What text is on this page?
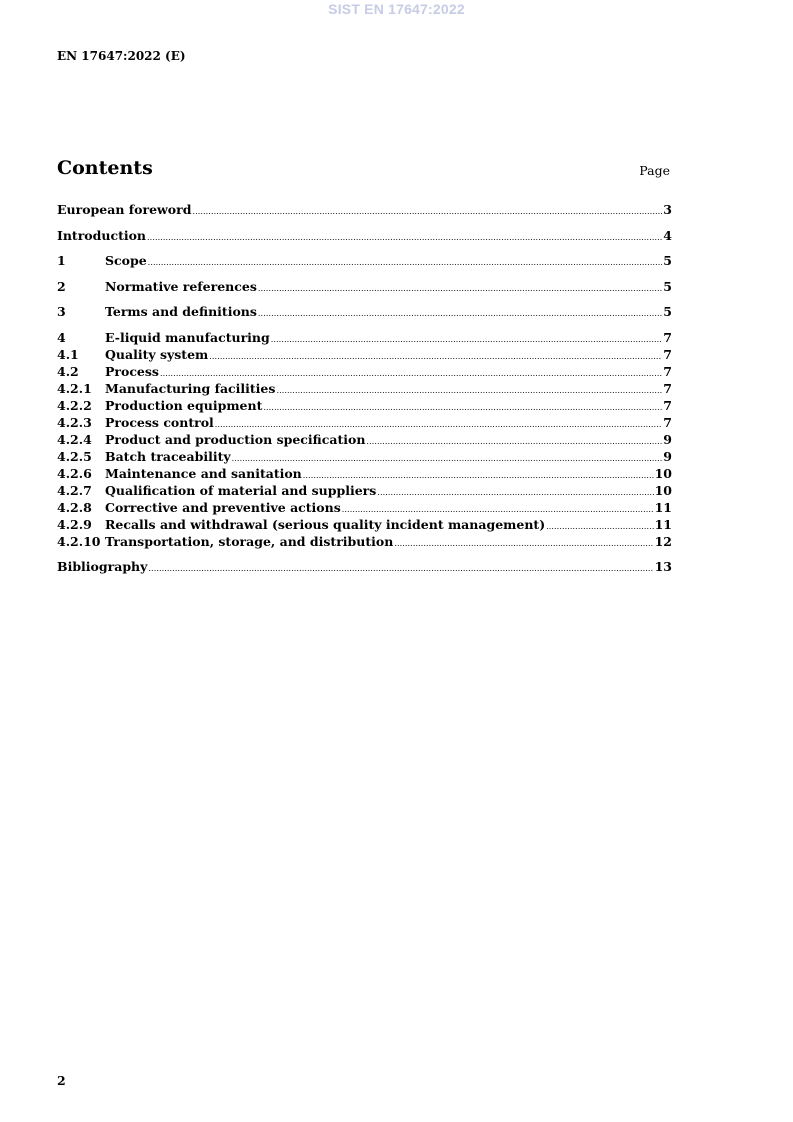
SIST EN 17647:2022
EN 17647:2022 (E)
Contents	Page
European foreword .....	3
Introduction .....	4
1	Scope .....	5
2	Normative references .....	5
3	Terms and definitions .....	5
4	E-liquid manufacturing .....	7
4.1	Quality system .....	7
4.2	Process .....	7
4.2.1	Manufacturing facilities .....	7
4.2.2	Production equipment .....	7
4.2.3	Process control .....	7
4.2.4	Product and production specification .....	9
4.2.5	Batch traceability .....	9
4.2.6	Maintenance and sanitation .....	10
4.2.7	Qualification of material and suppliers .....	10
4.2.8	Corrective and preventive actions .....	11
4.2.9	Recalls and withdrawal (serious quality incident management) .....	11
4.2.10 Transportation, storage, and distribution .....	12
Bibliography .....	13
2
